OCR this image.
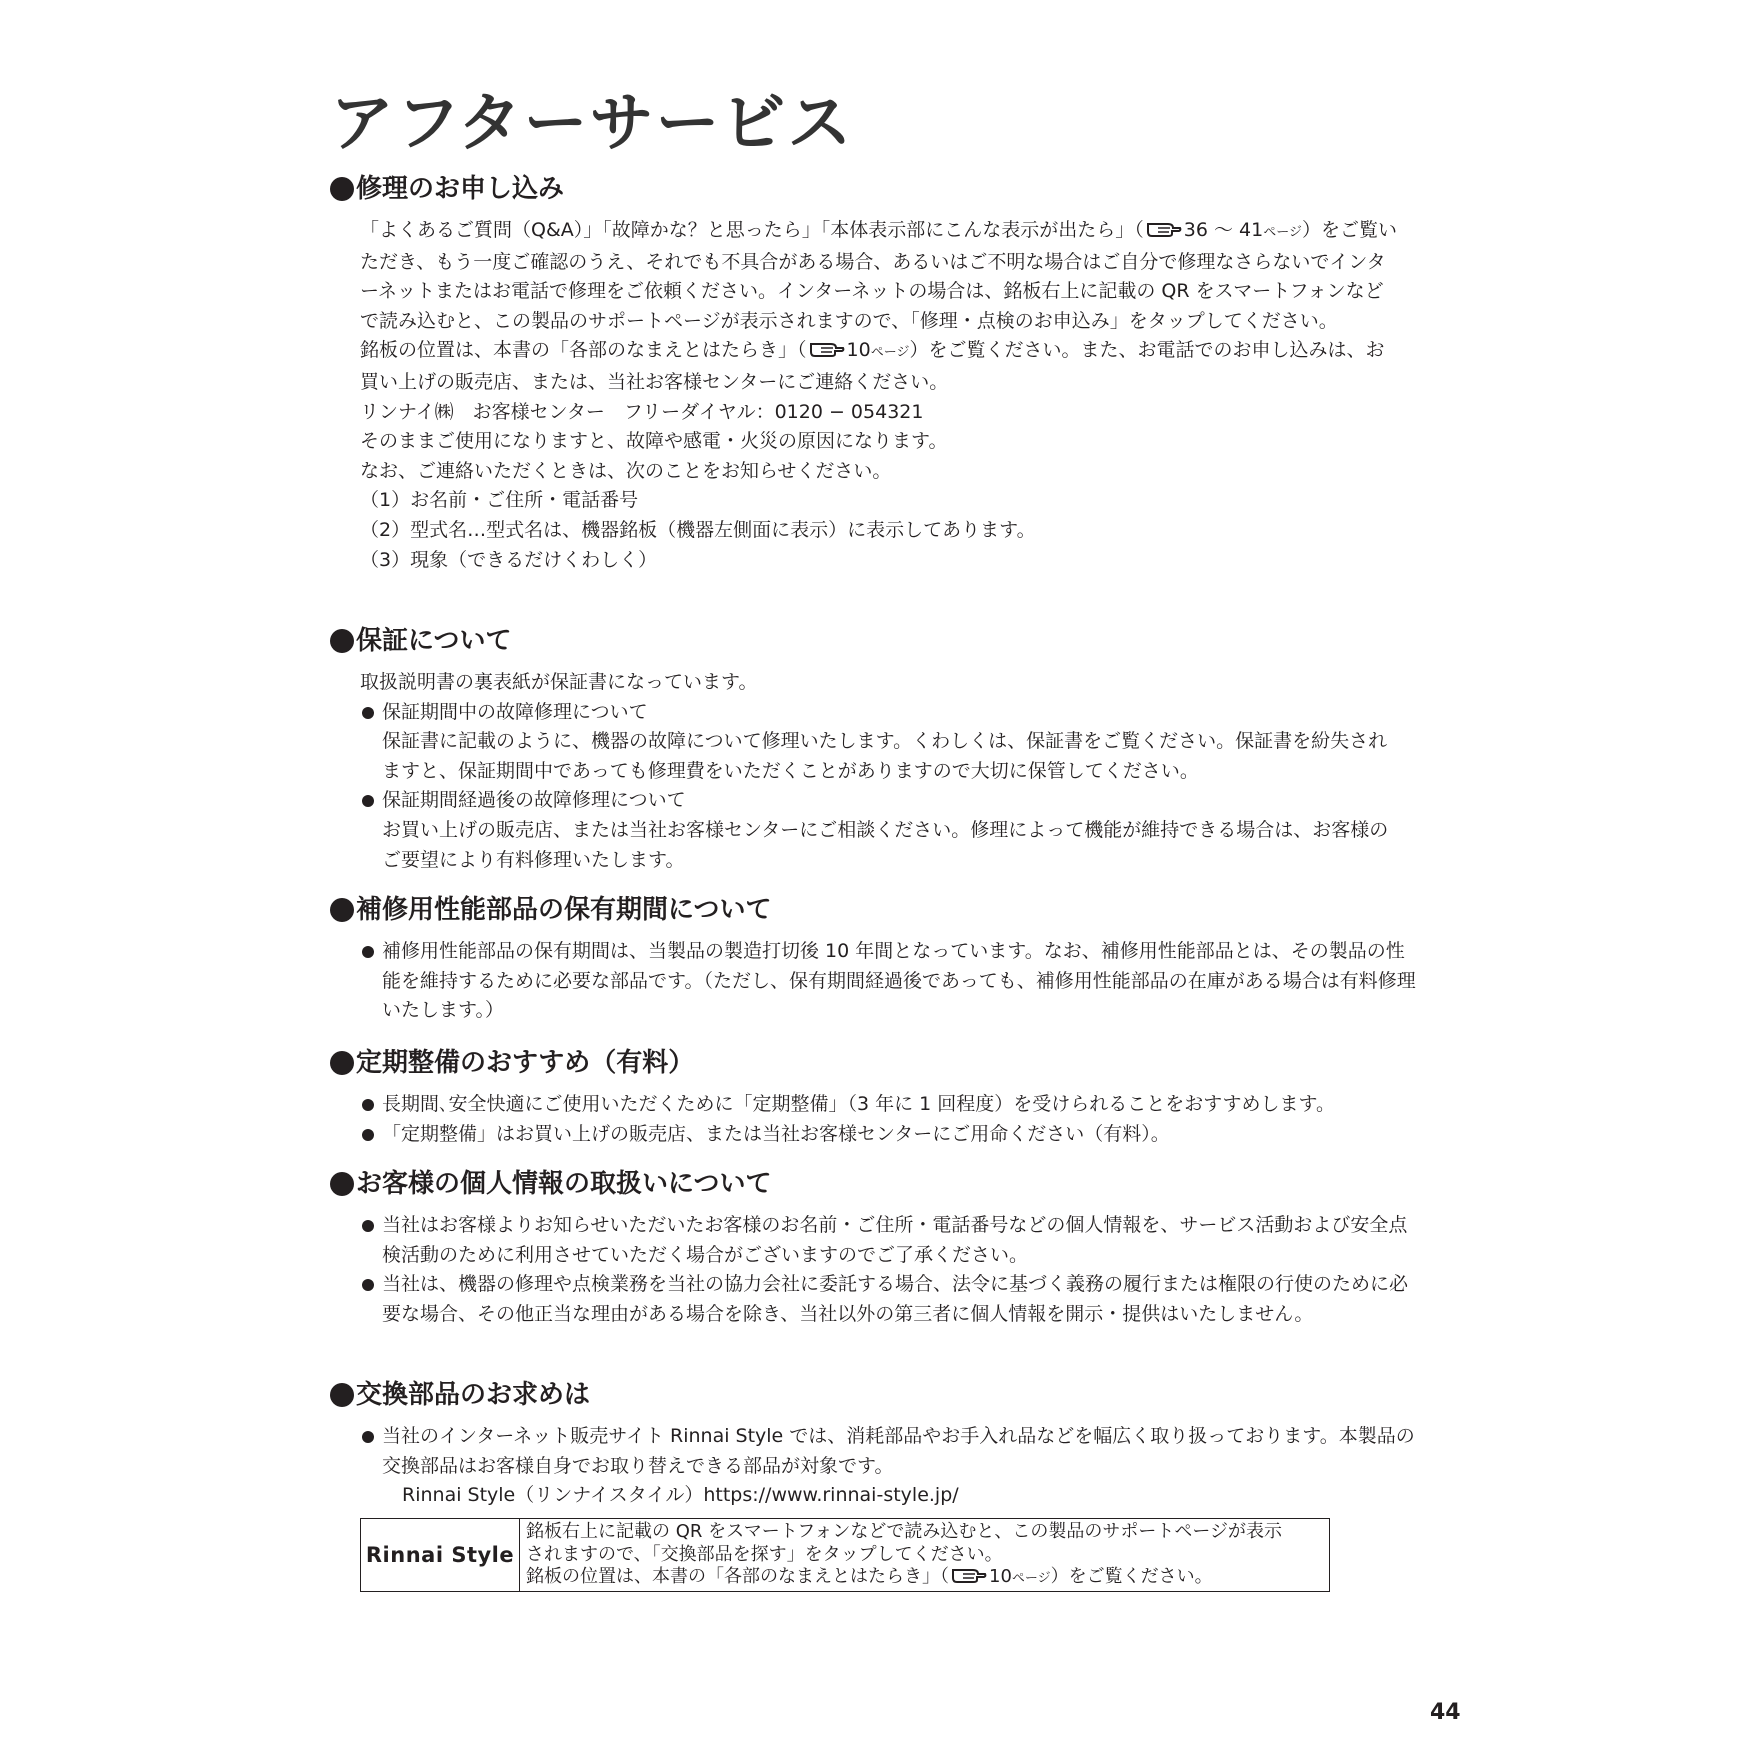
アフターサービス
修理のお申し込み

「よくあるご質問（Q&A）」「故障かな？と思ったら」「本体表示部にこんな表示が出たら」（ 36 ～ 41ページ）をご覧いただき、もう一度ご確認のうえ、それでも不具合がある場合、あるいはご不明な場合はご自分で修理なさらないでインターネットまたはお電話で修理をご依頼ください。インターネットの場合は、銘板右上に記載の QR をスマートフォンなどで読み込むと、この製品のサポートページが表示されますので、「修理・点検のお申込み」をタップしてください。

銘板の位置は、本書の「各部のなまえとはたらき」（ 10ページ）をご覧ください。また、お電話でのお申し込みは、お買い上げの販売店、または、当社お客様センターにご連絡ください。

リンナイ㈱　お客様センター　フリーダイヤル：0120 − 054321

そのままご使用になりますと、故障や感電・火災の原因になります。

なお、ご連絡いただくときは、次のことをお知らせください。

（1）お名前・ご住所・電話番号

（2）型式名…型式名は、機器銘板（機器左側面に表示）に表示してあります。

（3）現象（できるだけくわしく）

保証について

取扱説明書の裏表紙が保証書になっています。

保証期間中の故障修理について

保証書に記載のように、機器の故障について修理いたします。くわしくは、保証書をご覧ください。保証書を紛失されますと、保証期間中であっても修理費をいただくことがありますので大切に保管してください。

保証期間経過後の故障修理について

お買い上げの販売店、または当社お客様センターにご相談ください。修理によって機能が維持できる場合は、お客様のご要望により有料修理いたします。

補修用性能部品の保有期間について

補修用性能部品の保有期間は、当製品の製造打切後 10 年間となっています。なお、補修用性能部品とは、その製品の性能を維持するために必要な部品です。（ただし、保有期間経過後であっても、補修用性能部品の在庫がある場合は有料修理いたします。）

定期整備のおすすめ（有料）

長期間､安全快適にご使用いただくために「定期整備」（3 年に 1 回程度）を受けられることをおすすめします。

「定期整備」はお買い上げの販売店、または当社お客様センターにご用命ください（有料）。

お客様の個人情報の取扱いについて

当社はお客様よりお知らせいただいたお客様のお名前・ご住所・電話番号などの個人情報を、サービス活動および安全点検活動のために利用させていただく場合がございますのでご了承ください。

当社は、機器の修理や点検業務を当社の協力会社に委託する場合、法令に基づく義務の履行または権限の行使のために必要な場合、その他正当な理由がある場合を除き、当社以外の第三者に個人情報を開示・提供はいたしません。

交換部品のお求めは

当社のインターネット販売サイト Rinnai Style では、消耗部品やお手入れ品などを幅広く取り扱っております。本製品の交換部品はお客様自身でお取り替えできる部品が対象です。

Rinnai Style（リンナイスタイル）https://www.rinnai-style.jp/

Rinnai Style
銘板右上に記載の QR をスマートフォンなどで読み込むと、この製品のサポートページが表示
されますので、「交換部品を探す」をタップしてください。
銘板の位置は、本書の「各部のなまえとはたらき」（ 10ページ）をご覧ください。
44
